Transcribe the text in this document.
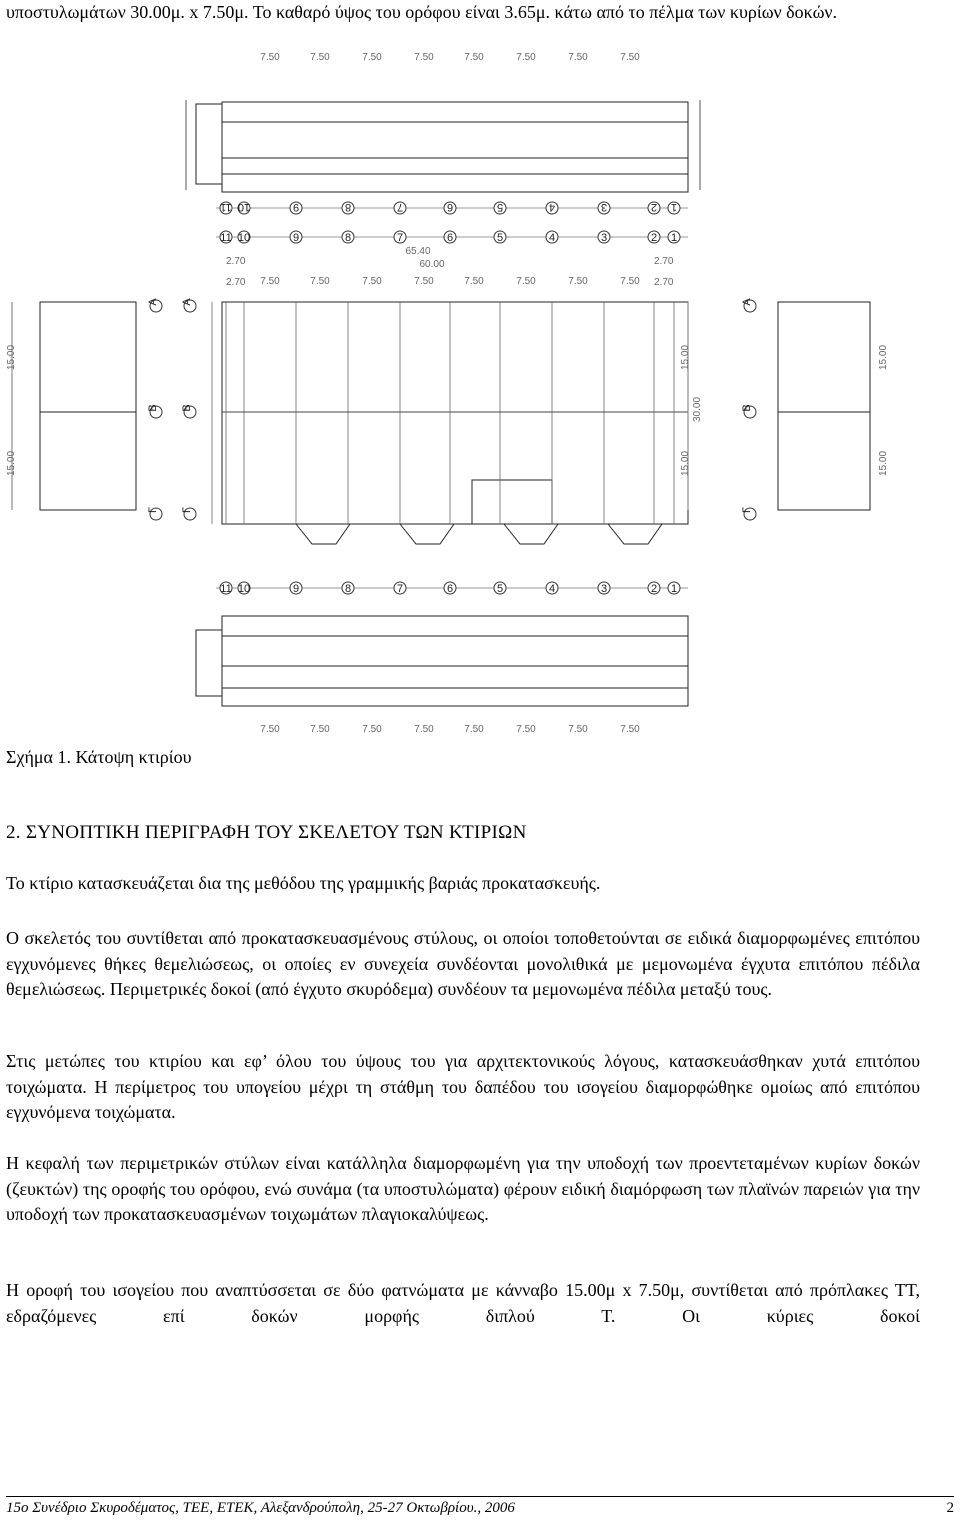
υποστυλωμάτων 30.00μ. x 7.50μ. Το καθαρό ύψος του ορόφου είναι 3.65μ. κάτω από το πέλμα των κυρίων δοκών.
7.50	7.50	7.50	7.50	7.50	7.50	7.50	7.50
7.50	7.50	7.50	7.50	7.50	7.50	7.50	7.50
7.50	7.50	7.50	7.50	7.50	7.50	7.50	7.50
11 10	9	8	7	6	5	4	3	2 1
11 10	9	8	7	6	5	4	3	2 1
11 10	9	8	7	6	5	4	3	2 1
A
B
Γ
A
B
Γ
A
B
Γ
65.40
60.00
2.70	2.70
2.70	2.70
15.00
15.00
15.00
15.00
30.00
15.00
15.00
Σχήμα 1. Κάτοψη κτιρίου
2. ΣΥΝΟΠΤΙΚΗ ΠΕΡΙΓΡΑΦΗ ΤΟΥ ΣΚΕΛΕΤΟΥ ΤΩΝ ΚΤΙΡΙΩΝ
Το κτίριο κατασκευάζεται δια της μεθόδου της γραμμικής βαριάς προκατασκευής.
Ο σκελετός του συντίθεται από προκατασκευασμένους στύλους, οι οποίοι τοποθετούνται σε ειδικά διαμορφωμένες επιτόπου εγχυνόμενες θήκες θεμελιώσεως, οι οποίες εν συνεχεία συνδέονται μονολιθικά με μεμονωμένα έγχυτα επιτόπου πέδιλα θεμελιώσεως. Περιμετρικές δοκοί (από έγχυτο σκυρόδεμα) συνδέουν τα μεμονωμένα πέδιλα μεταξύ τους.
Στις μετώπες του κτιρίου και εφ’ όλου του ύψους του για αρχιτεκτονικούς λόγους, κατασκευάσθηκαν χυτά επιτόπου τοιχώματα. Η περίμετρος του υπογείου μέχρι τη στάθμη του δαπέδου του ισογείου διαμορφώθηκε ομοίως από επιτόπου εγχυνόμενα τοιχώματα.
Η κεφαλή των περιμετρικών στύλων είναι κατάλληλα διαμορφωμένη για την υποδοχή των προεντεταμένων κυρίων δοκών (ζευκτών) της οροφής του ορόφου, ενώ συνάμα (τα υποστυλώματα) φέρουν ειδική διαμόρφωση των πλαϊνών παρειών για την υποδοχή των προκατασκευασμένων τοιχωμάτων πλαγιοκαλύψεως.
Η οροφή του ισογείου που αναπτύσσεται σε δύο φατνώματα με κάνναβο 15.00μ x 7.50μ, συντίθεται από πρόπλακες ΤΤ, εδραζόμενες επί δοκών μορφής διπλού Τ. Οι κύριες δοκοί
15ο Συνέδριο Σκυροδέματος, ΤΕΕ, ΕΤΕΚ, Αλεξανδρούπολη, 25-27 Οκτωβρίου., 2006	2
